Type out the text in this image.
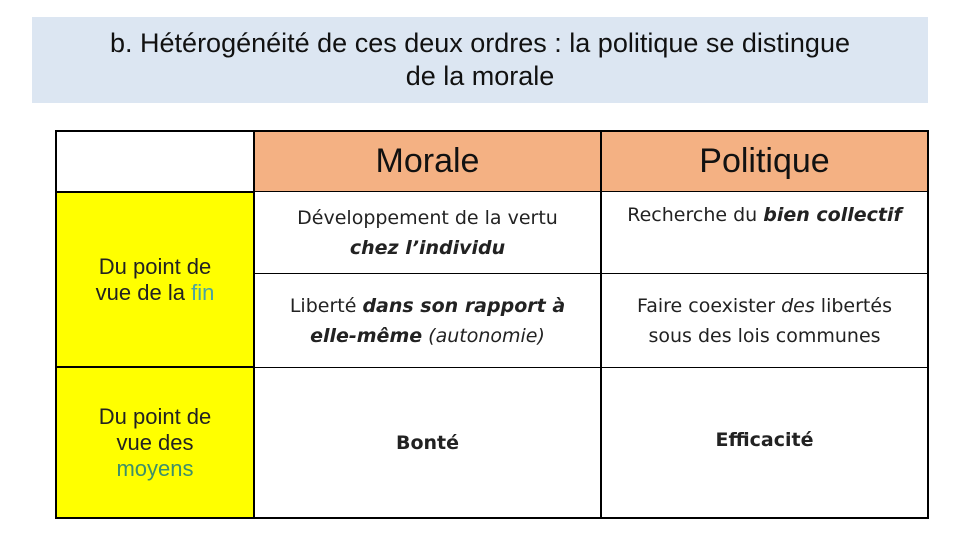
b. Hétérogénéité de ces deux ordres : la politique se distingue
de la morale
Morale	Politique
Du point de
vue de la fin
Du point de
vue des
moyens
Développement de la vertu
chez l’individu
Recherche du bien collectif
Liberté dans son rapport à
elle-même (autonomie)
Faire coexister des libertés
sous des lois communes
Bonté	Efficacité
